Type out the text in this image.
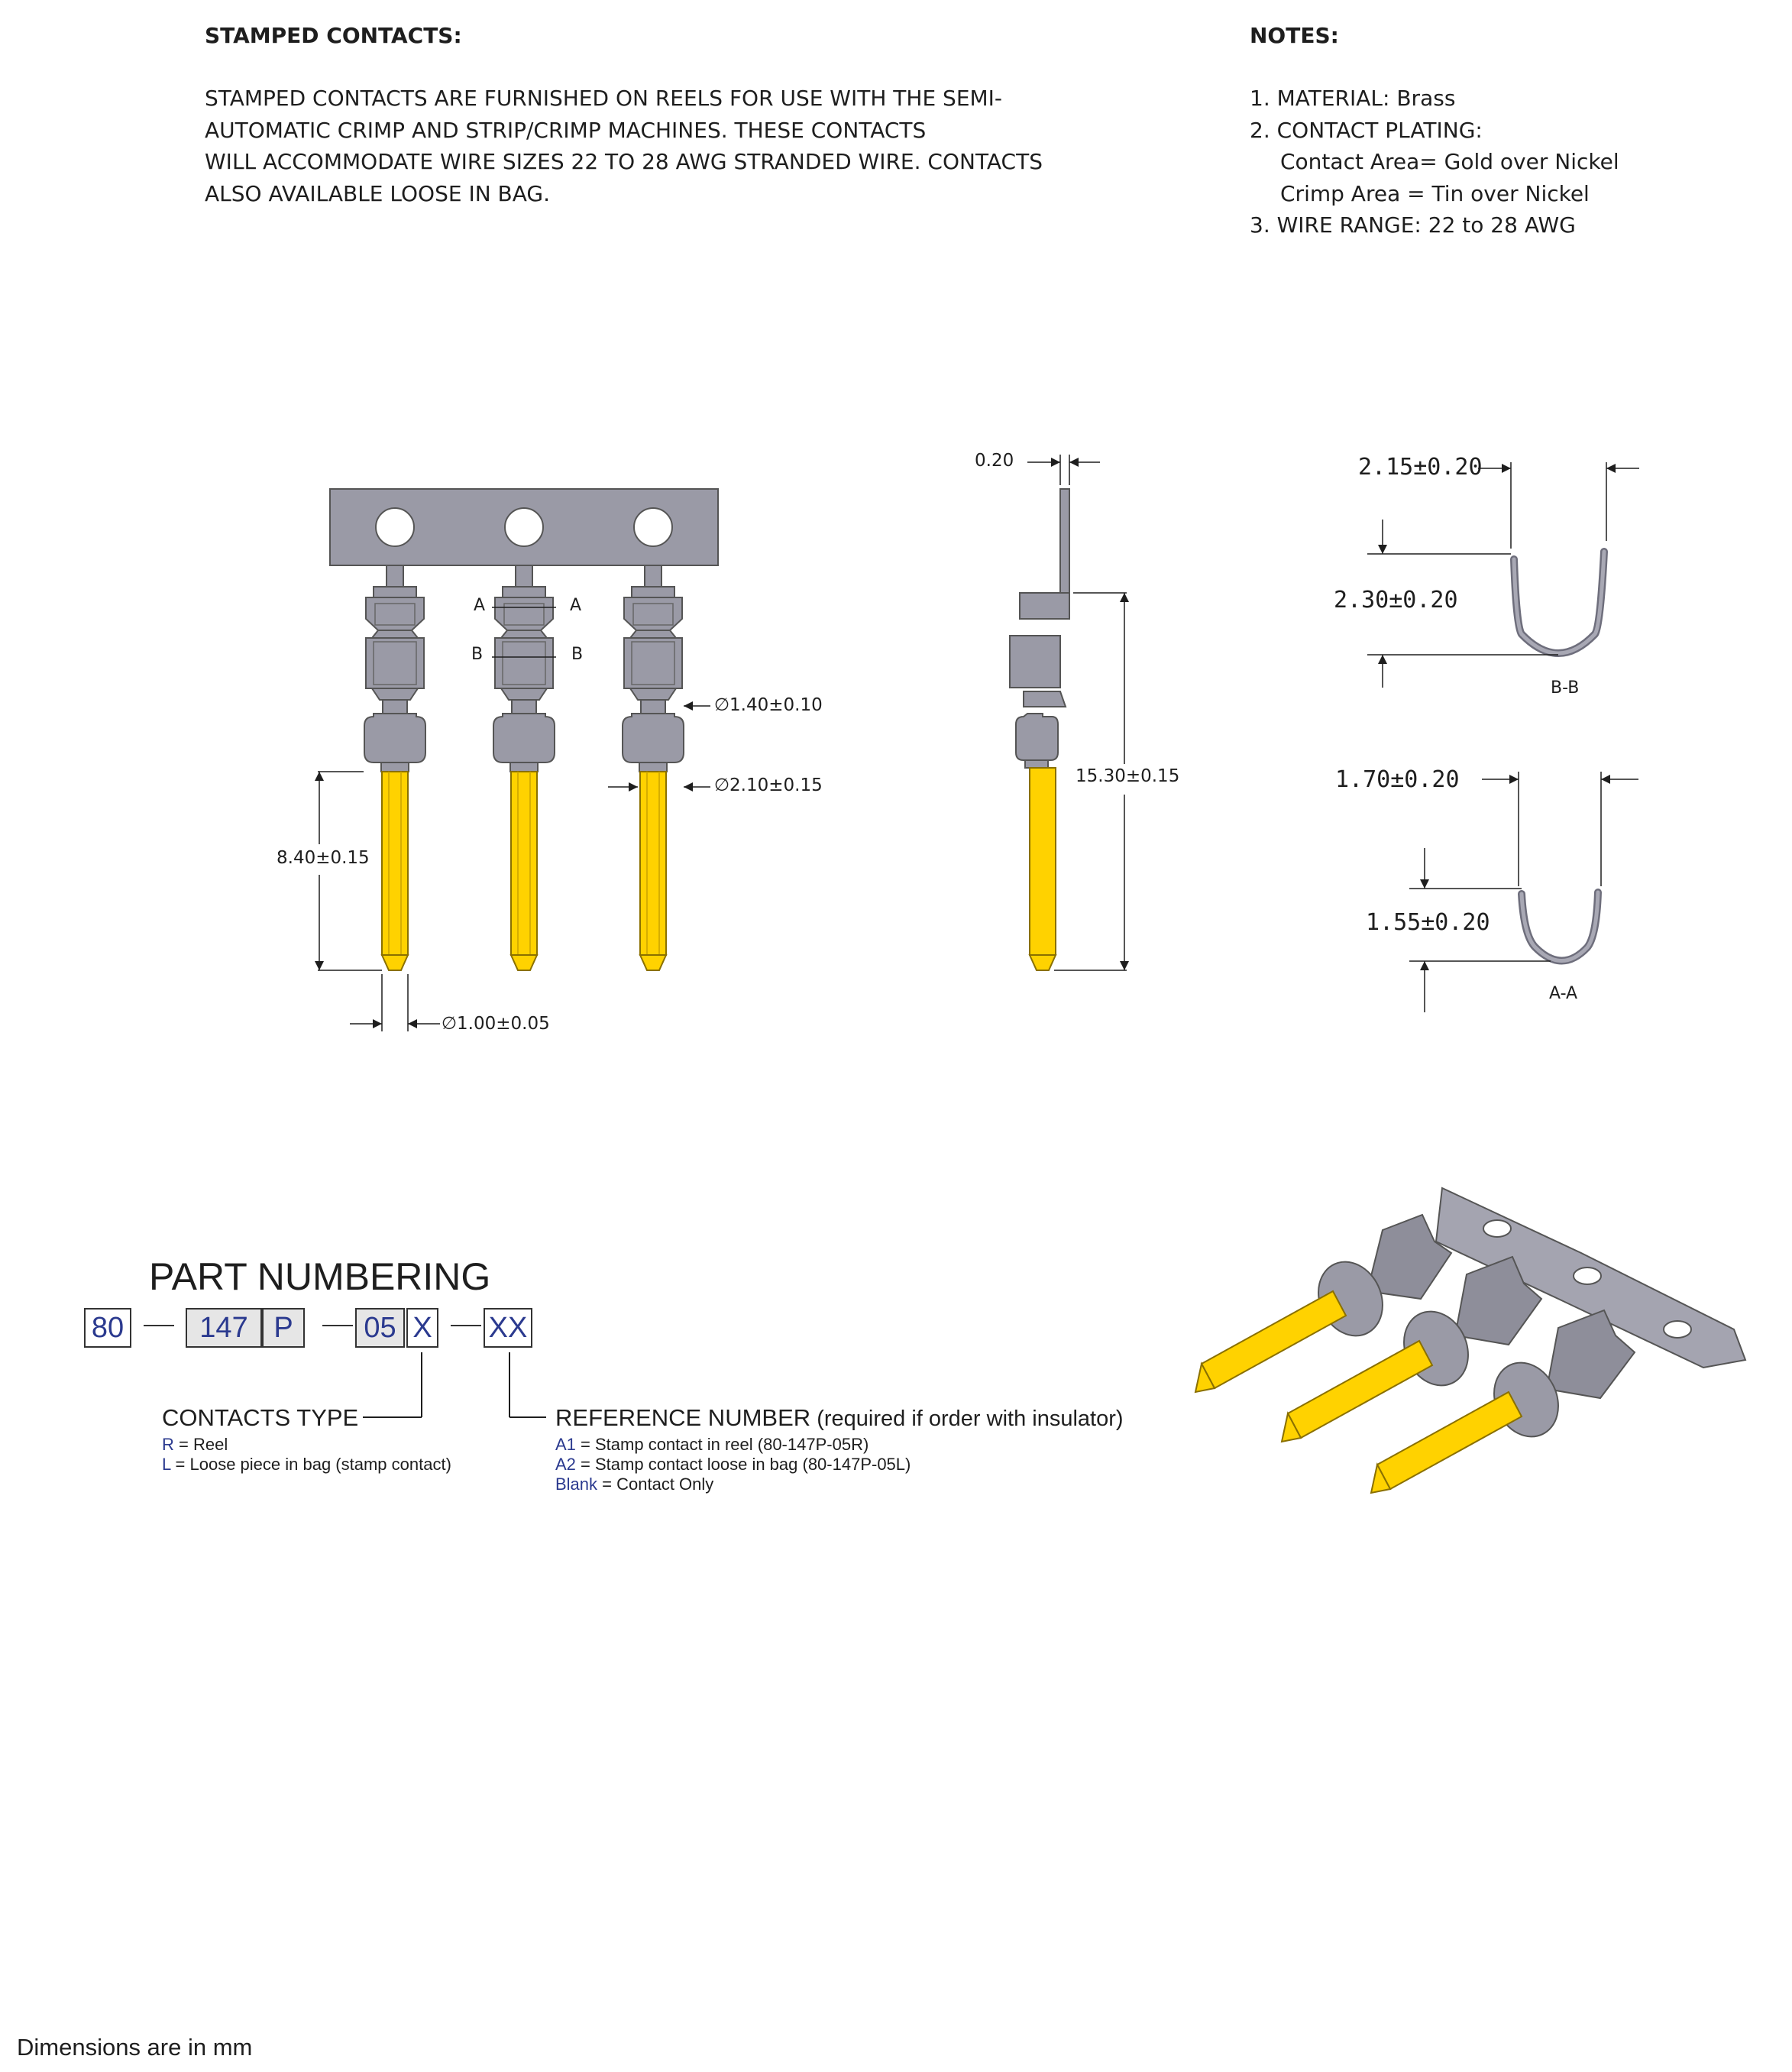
STAMPED CONTACTS:
STAMPED CONTACTS ARE FURNISHED ON REELS FOR USE WITH THE SEMI-
AUTOMATIC CRIMP AND STRIP/CRIMP MACHINES. THESE CONTACTS
WILL ACCOMMODATE WIRE SIZES 22 TO 28 AWG STRANDED WIRE. CONTACTS
ALSO AVAILABLE LOOSE IN BAG.
NOTES:
1. MATERIAL: Brass
2. CONTACT PLATING:
Contact Area= Gold over Nickel
Crimp Area = Tin over Nickel
3. WIRE RANGE: 22 to 28 AWG
A	A
B	B
8.40±0.15
∅1.00±0.05
∅1.40±0.10
∅2.10±0.15
0.20
15.30±0.15
2.15±0.20
2.30±0.20
B-B
1.70±0.20
1.55±0.20
A-A
PART NUMBERING
80	147 P	05 X XX
CONTACTS TYPE
R = Reel
L = Loose piece in bag (stamp contact)
REFERENCE NUMBER (required if order with insulator)
A1 = Stamp contact in reel (80-147P-05R)
A2 = Stamp contact loose in bag (80-147P-05L)
Blank = Contact Only
Dimensions are in mm
